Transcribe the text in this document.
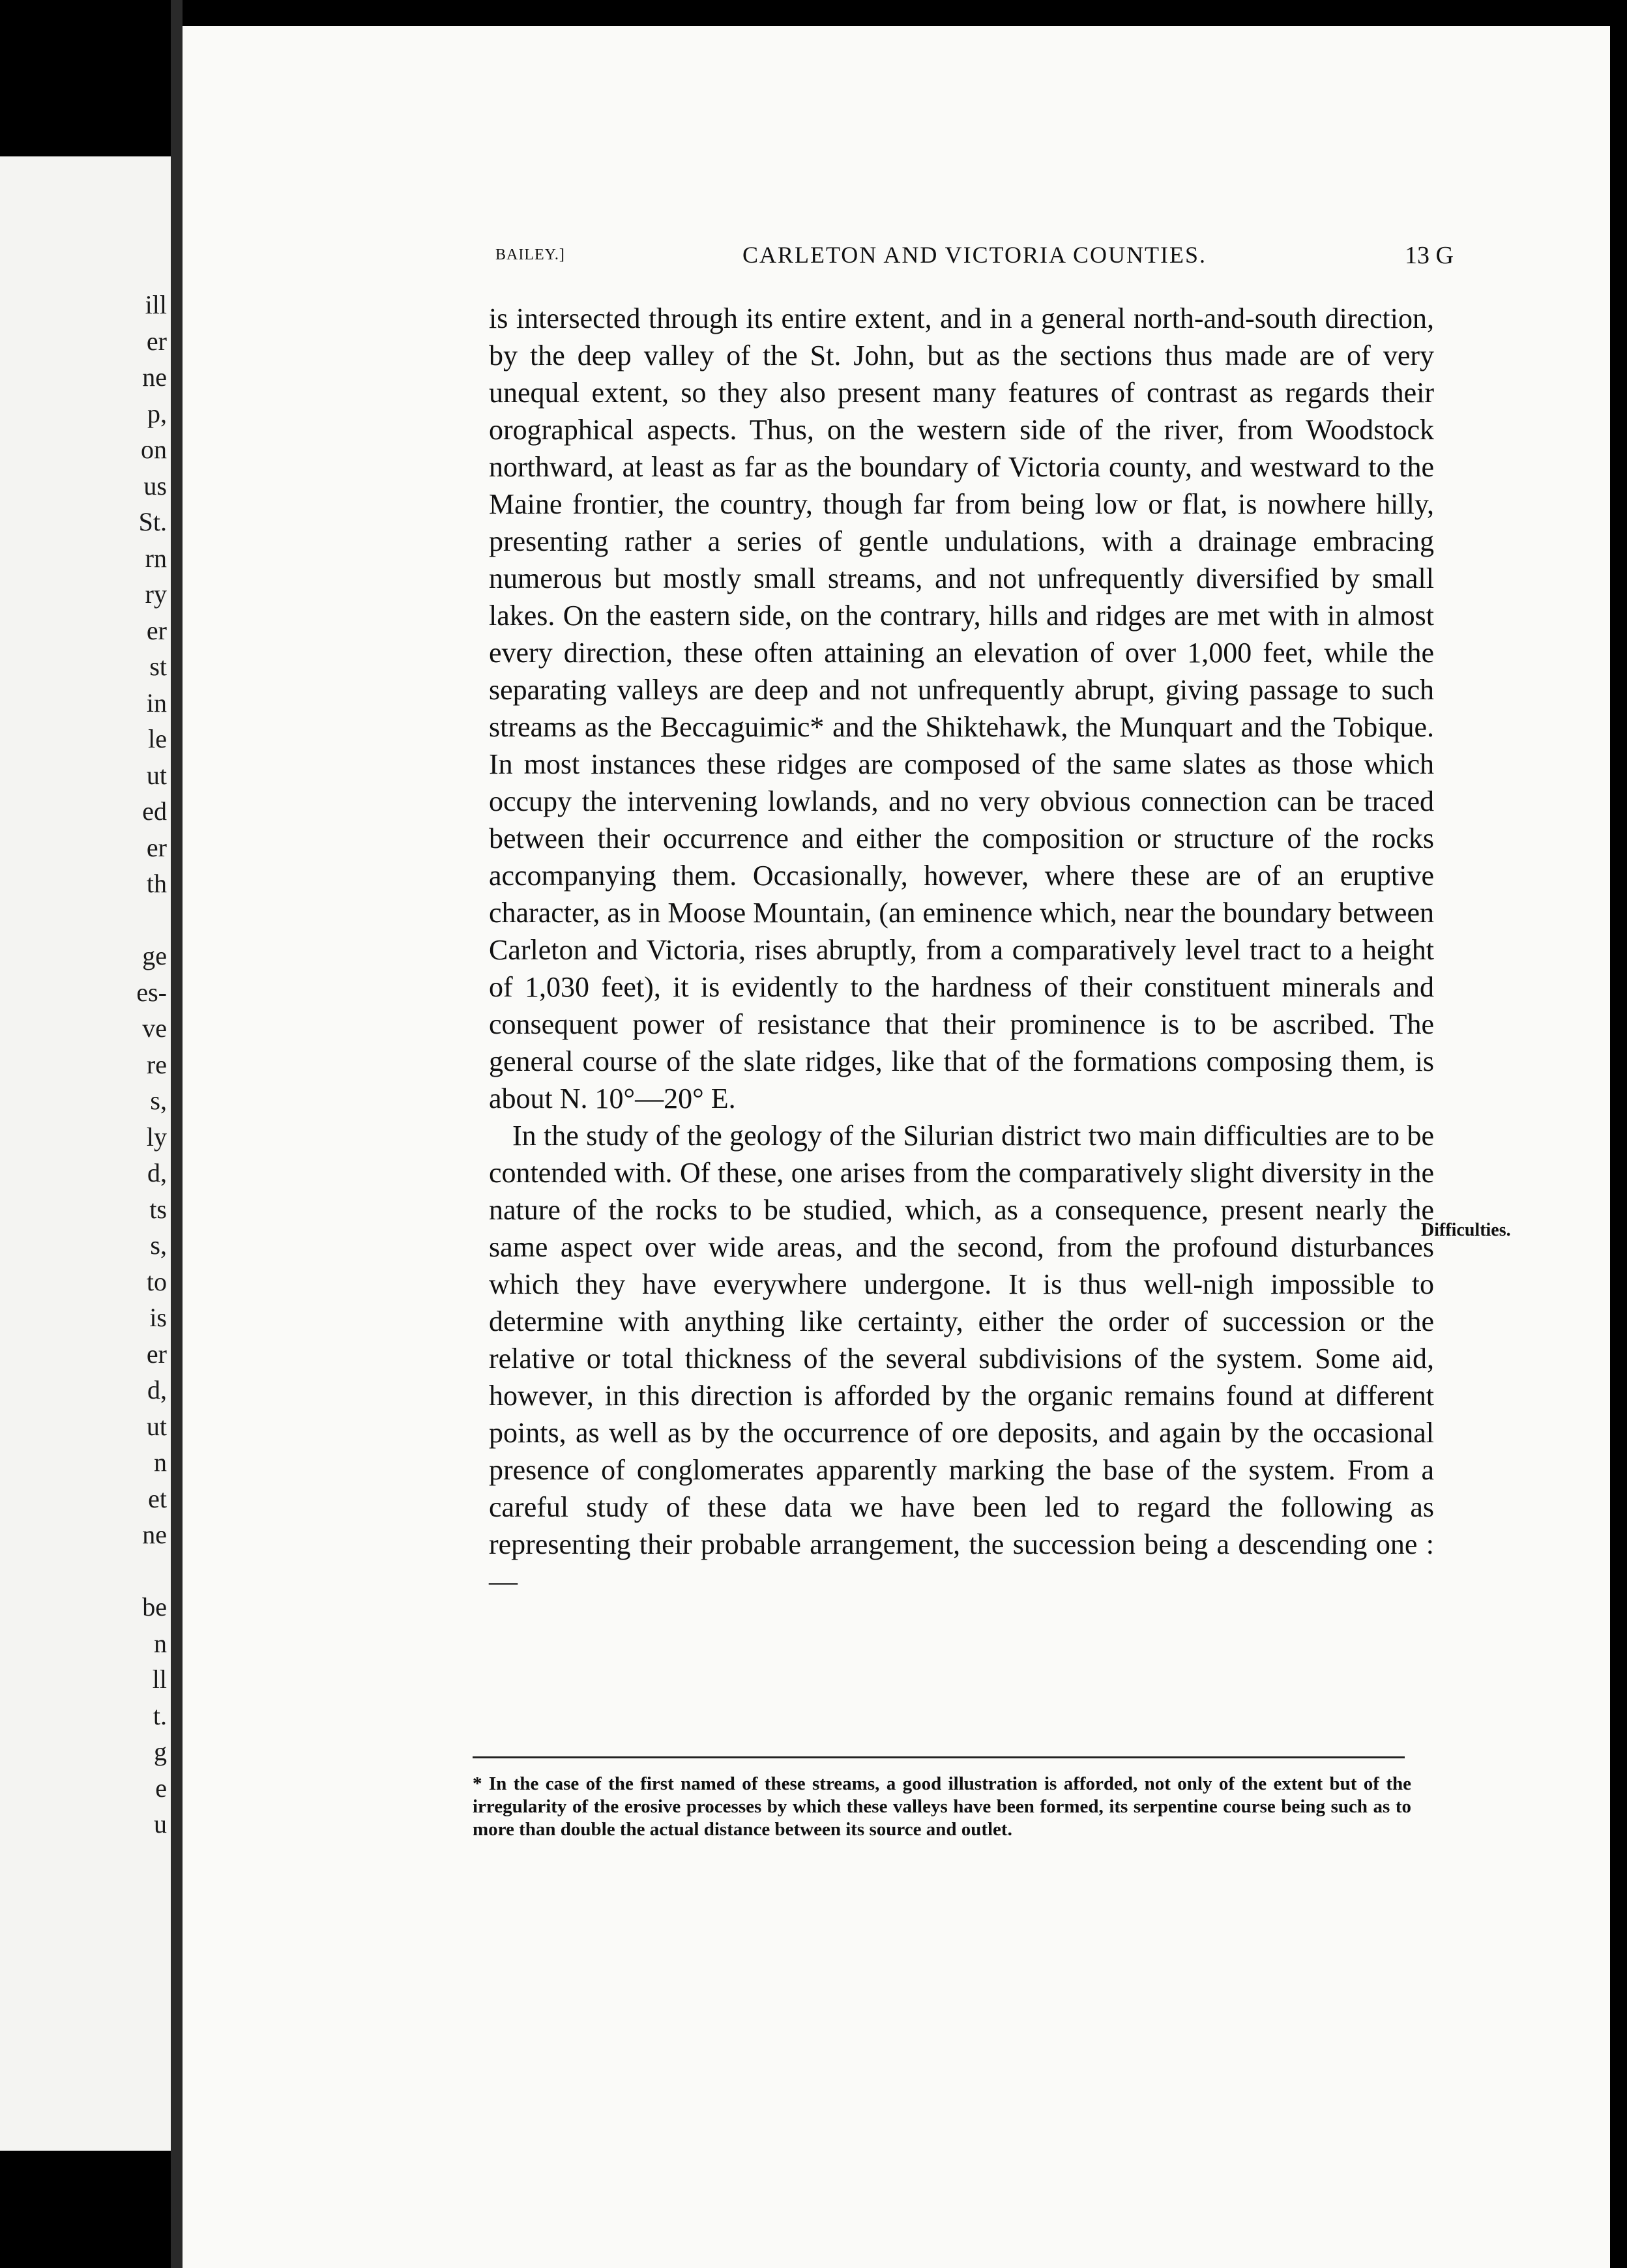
ill
er
ne
p,
on
us
St.
rn
ry
er
st
in
le
ut
ed
er
th
ge
es-
ve
re
s,
ly
d,
ts
s,
to
is
er
d,
ut
n
et
ne
be
n
ll
t.
g
e
u
BAILEY.]	CARLETON AND VICTORIA COUNTIES.	13 G

is intersected through its entire extent, and in a general north-and-south direction, by the deep valley of the St. John, but as the sections thus made are of very unequal extent, so they also present many features of contrast as regards their orographical aspects. Thus, on the western side of the river, from Woodstock northward, at least as far as the boundary of Victoria county, and westward to the Maine frontier, the country, though far from being low or flat, is nowhere hilly, presenting rather a series of gentle undulations, with a drainage embracing numerous but mostly small streams, and not unfrequently diversified by small lakes. On the eastern side, on the contrary, hills and ridges are met with in almost every direction, these often attaining an elevation of over 1,000 feet, while the separating valleys are deep and not unfrequently abrupt, giving passage to such streams as the Beccaguimic* and the Shiktehawk, the Munquart and the Tobique. In most instances these ridges are composed of the same slates as those which occupy the intervening lowlands, and no very obvious connection can be traced between their occurrence and either the composition or structure of the rocks accompanying them. Occasionally, however, where these are of an eruptive character, as in Moose Mountain, (an eminence which, near the boundary between Carleton and Victoria, rises abruptly, from a comparatively level tract to a height of 1,030 feet), it is evidently to the hardness of their constituent minerals and consequent power of resistance that their prominence is to be ascribed. The general course of the slate ridges, like that of the formations composing them, is about N. 10°—20° E.

In the study of the geology of the Silurian district two main difficulties are to be contended with. Of these, one arises from the comparatively slight diversity in the nature of the rocks to be studied, which, as a consequence, present nearly the same aspect over wide areas, and the second, from the profound disturbances which they have everywhere undergone. It is thus well-nigh impossible to determine with anything like certainty, either the order of succession or the relative or total thickness of the several subdivisions of the system. Some aid, however, in this direction is afforded by the organic remains found at different points, as well as by the occurrence of ore deposits, and again by the occasional presence of conglomerates apparently marking the base of the system. From a careful study of these data we have been led to regard the following as representing their probable arrangement, the succession being a descending one :—

Difficulties.
* In the case of the first named of these streams, a good illustration is afforded, not only of the extent but of the irregularity of the erosive processes by which these valleys have been formed, its serpentine course being such as to more than double the actual distance between its source and outlet.
